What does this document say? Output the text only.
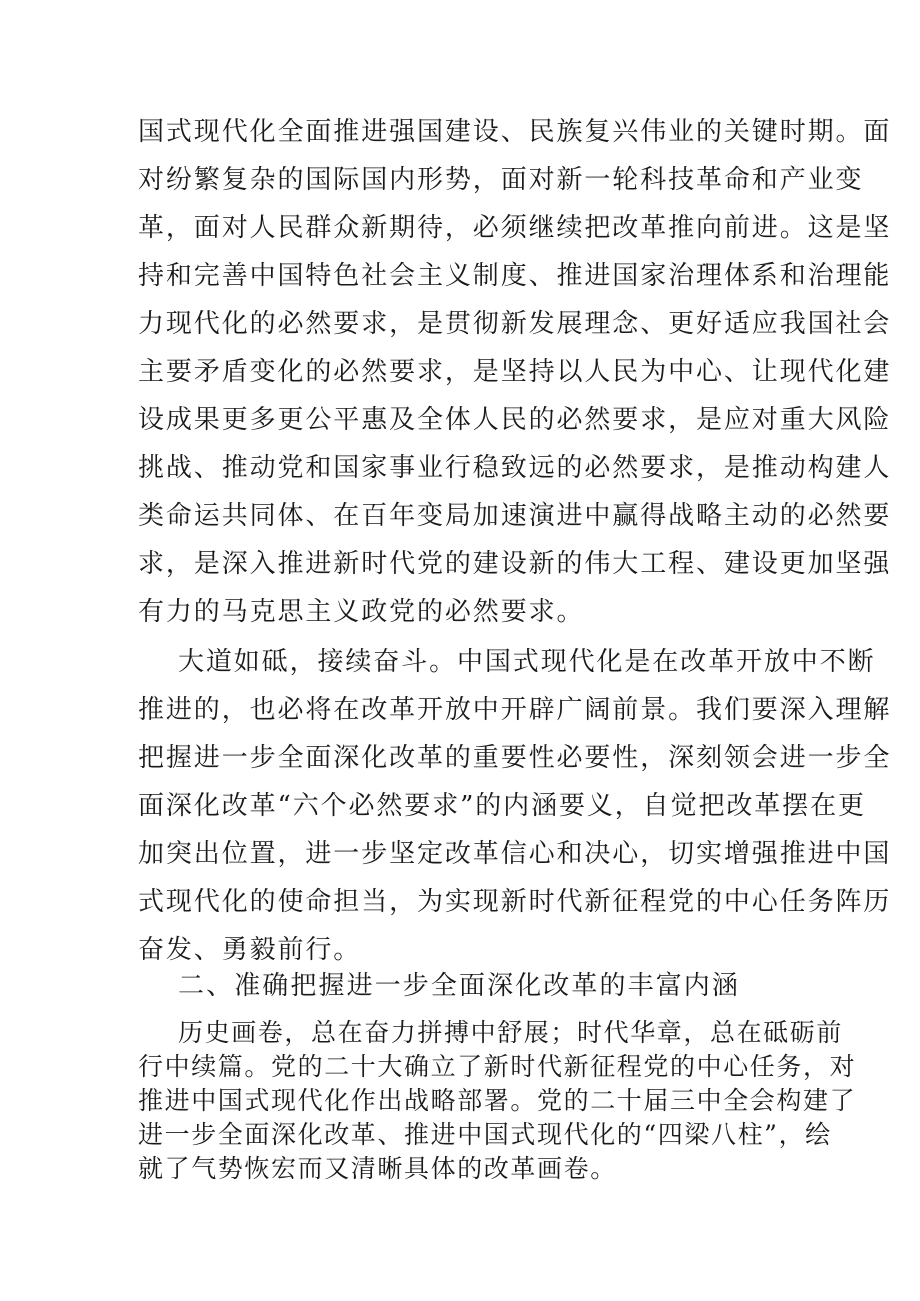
国式现代化全面推进强国建设、民族复兴伟业的关键时期。面
对纷繁复杂的国际国内形势，面对新一轮科技革命和产业变
革，面对人民群众新期待，必须继续把改革推向前进。这是坚
持和完善中国特色社会主义制度、推进国家治理体系和治理能
力现代化的必然要求，是贯彻新发展理念、更好适应我国社会
主要矛盾变化的必然要求，是坚持以人民为中心、让现代化建
设成果更多更公平惠及全体人民的必然要求，是应对重大风险
挑战、推动党和国家事业行稳致远的必然要求，是推动构建人
类命运共同体、在百年变局加速演进中赢得战略主动的必然要
求，是深入推进新时代党的建设新的伟大工程、建设更加坚强
有力的马克思主义政党的必然要求。
大道如砥，接续奋斗。中国式现代化是在改革开放中不断
推进的，也必将在改革开放中开辟广阔前景。我们要深入理解
把握进一步全面深化改革的重要性必要性，深刻领会进一步全
面深化改革“六个必然要求”的内涵要义，自觉把改革摆在更
加突出位置，进一步坚定改革信心和决心，切实增强推进中国
式现代化的使命担当，为实现新时代新征程党的中心任务阵历
奋发、勇毅前行。
二、准确把握进一步全面深化改革的丰富内涵
历史画卷，总在奋力拼搏中舒展；时代华章，总在砥砺前
行中续篇。党的二十大确立了新时代新征程党的中心任务，对
推进中国式现代化作出战略部署。党的二十届三中全会构建了
进一步全面深化改革、推进中国式现代化的“四梁八柱”，绘
就了气势恢宏而又清晰具体的改革画卷。
